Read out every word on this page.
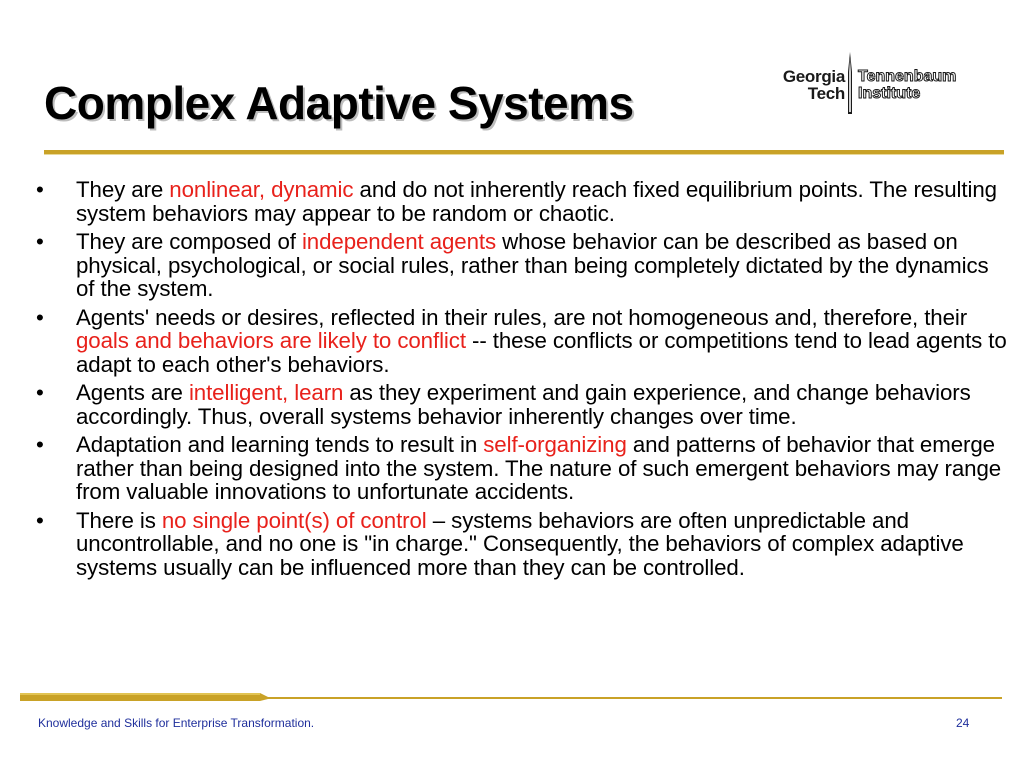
Complex Adaptive Systems
Georgia
Tech
Tennenbaum
Institute
• They are nonlinear, dynamic and do not inherently reach fixed equilibrium points. The resulting system behaviors may appear to be random or chaotic.
• They are composed of independent agents whose behavior can be described as based on physical, psychological, or social rules, rather than being completely dictated by the dynamics of the system.
• Agents' needs or desires, reflected in their rules, are not homogeneous and, therefore, their goals and behaviors are likely to conflict -- these conflicts or competitions tend to lead agents to adapt to each other's behaviors.
• Agents are intelligent, learn as they experiment and gain experience, and change behaviors accordingly. Thus, overall systems behavior inherently changes over time.
• Adaptation and learning tends to result in self-organizing and patterns of behavior that emerge rather than being designed into the system. The nature of such emergent behaviors may range from valuable innovations to unfortunate accidents.
• There is no single point(s) of control – systems behaviors are often unpredictable and uncontrollable, and no one is "in charge." Consequently, the behaviors of complex adaptive systems usually can be influenced more than they can be controlled.
Knowledge and Skills for Enterprise Transformation.	24
